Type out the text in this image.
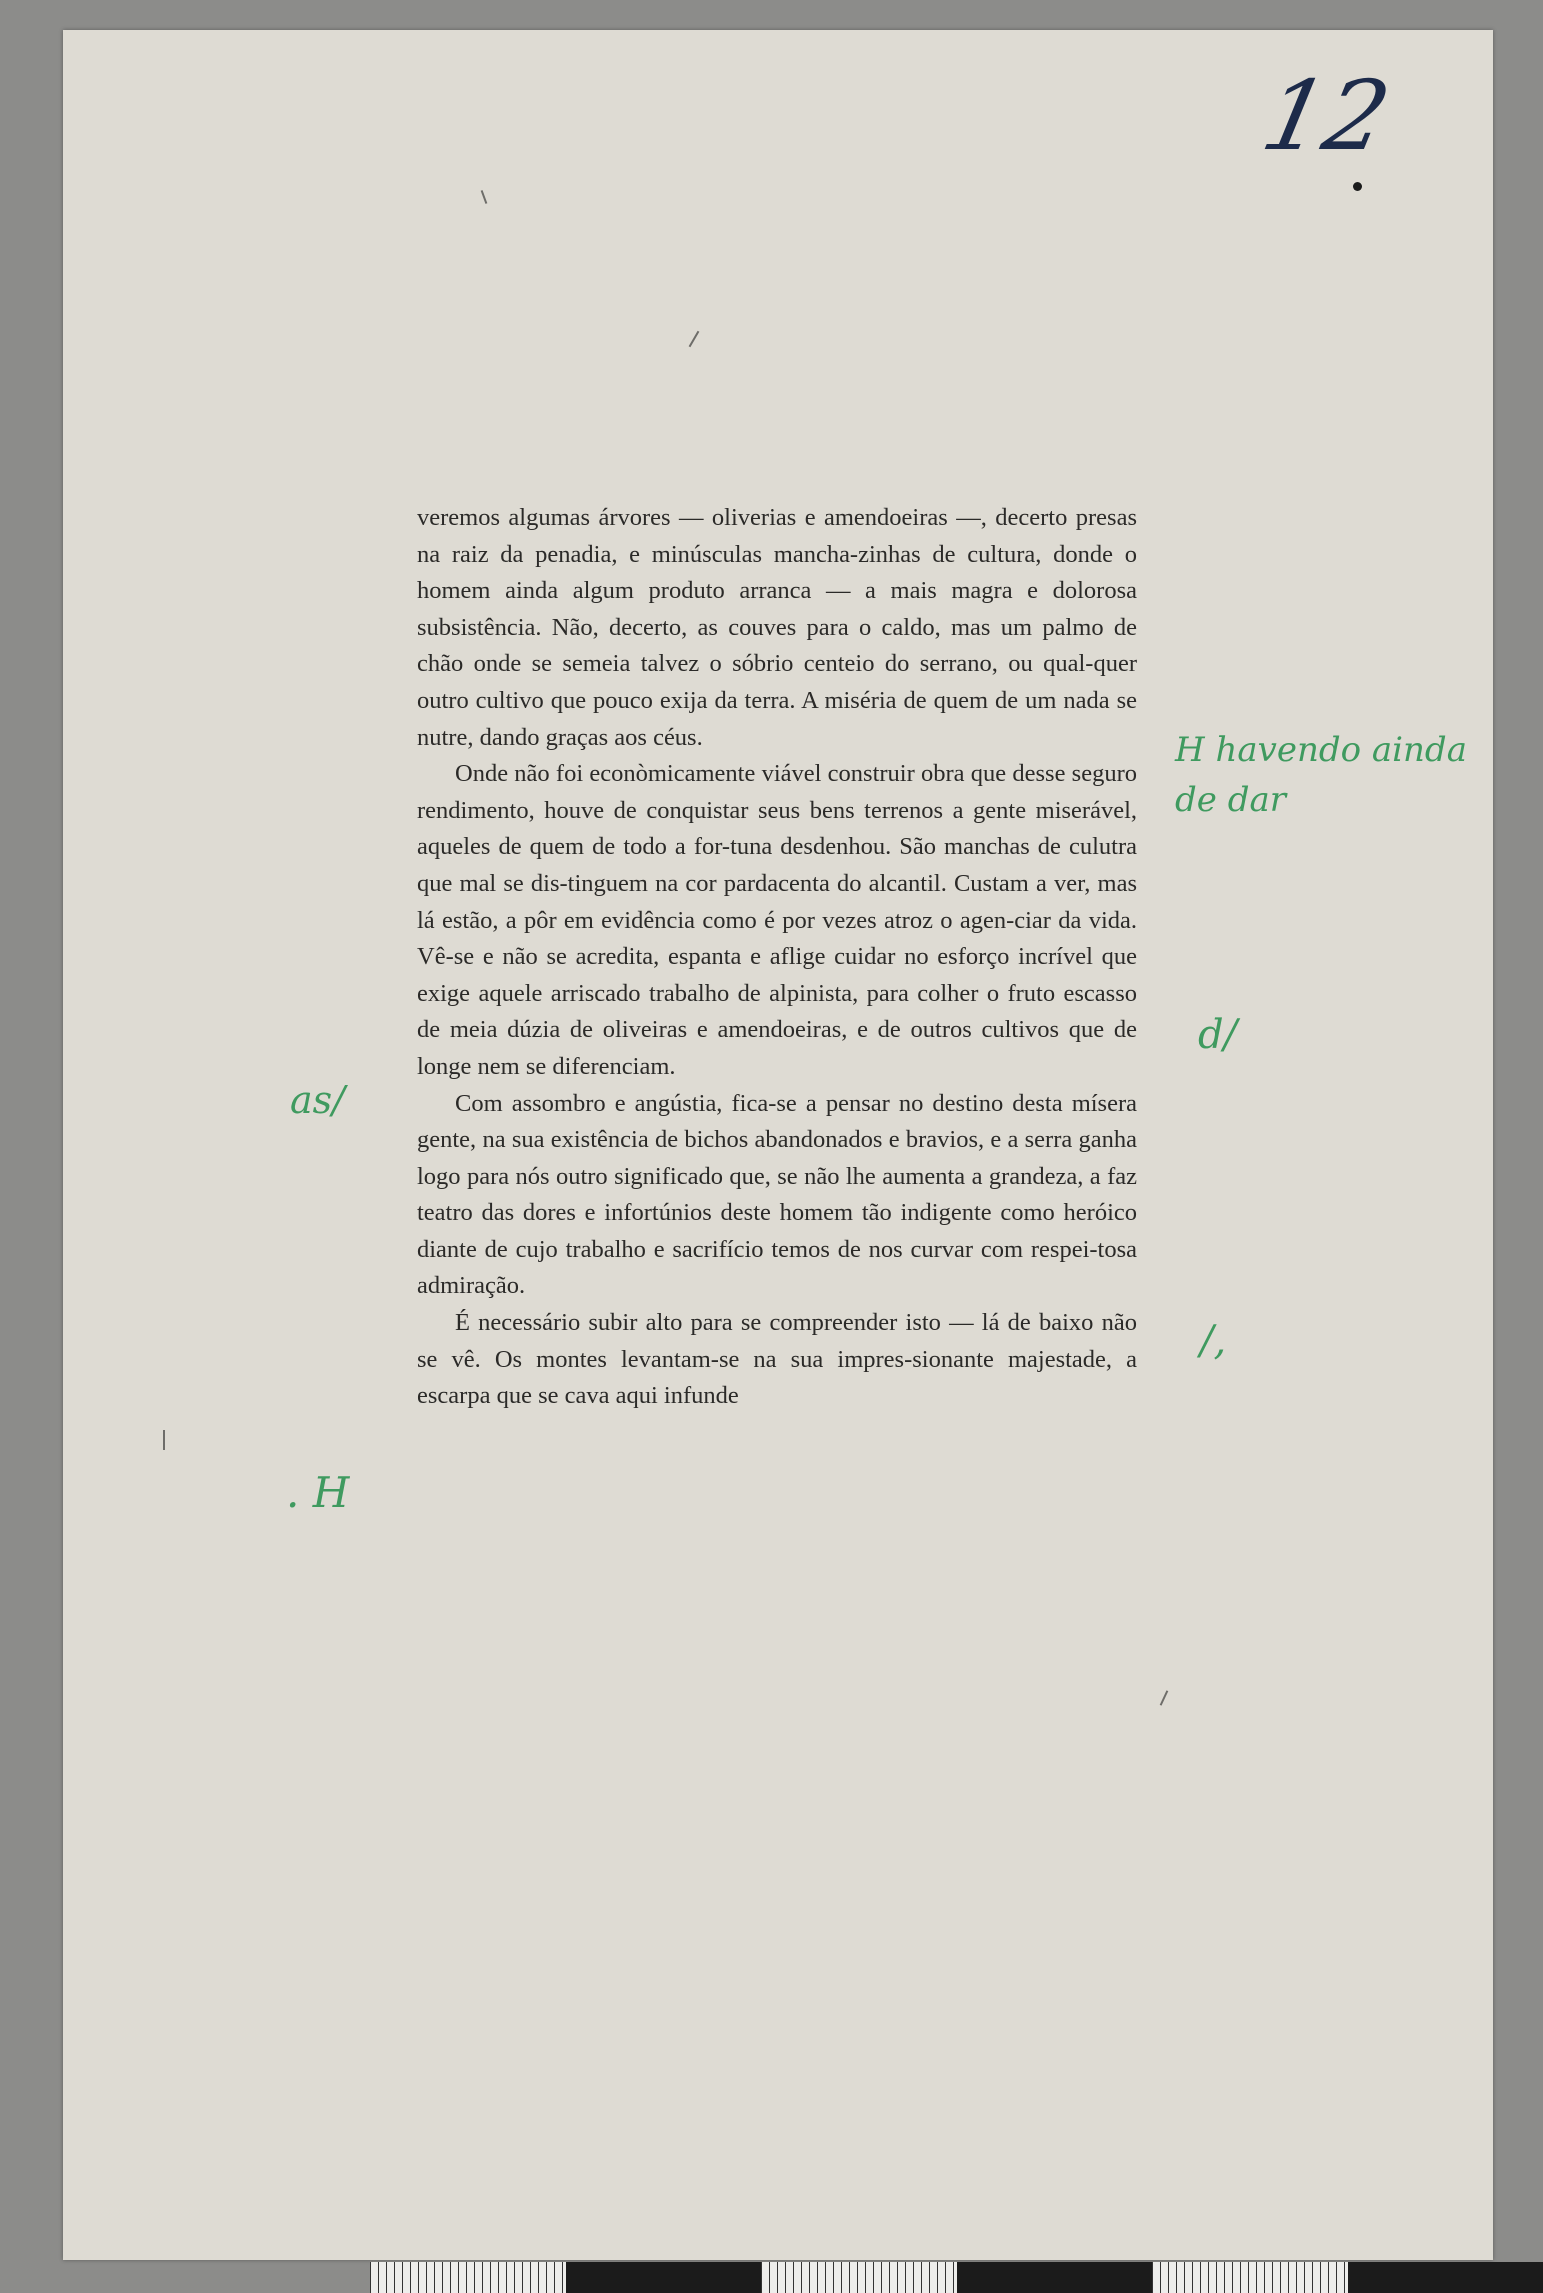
12

veremos algumas árvores — oliverias e amendoeiras —, decerto presas na raiz da penadia, e minúsculas mancha-zinhas de cultura, donde o homem ainda algum produto arranca — a mais magra e dolorosa subsistência. Não, decerto, as couves para o caldo, mas um palmo de chão onde se semeia talvez o sóbrio centeio do serrano, ou qual-quer outro cultivo que pouco exija da terra. A miséria de quem de um nada se nutre, dando graças aos céus.

Onde não foi econòmicamente viável construir obra que desse seguro rendimento, houve de conquistar seus bens terrenos a gente miserável, aqueles de quem de todo a for-tuna desdenhou. São manchas de culutra que mal se dis-tinguem na cor pardacenta do alcantil. Custam a ver, mas lá estão, a pôr em evidência como é por vezes atroz o agen-ciar da vida. Vê-se e não se acredita, espanta e aflige cuidar no esforço incrível que exige aquele arriscado trabalho de alpinista, para colher o fruto escasso de meia dúzia de oliveiras e amendoeiras, e de outros cultivos que de longe nem se diferenciam.

Com assombro e angústia, fica-se a pensar no destino desta mísera gente, na sua existência de bichos abandonados e bravios, e a serra ganha logo para nós outro significado que, se não lhe aumenta a grandeza, a faz teatro das dores e infortúnios deste homem tão indigente como heróico diante de cujo trabalho e sacrifício temos de nos curvar com respei-tosa admiração.

É necessário subir alto para se compreender isto — lá de baixo não se vê. Os montes levantam-se na sua impres-sionante majestade, a escarpa que se cava aqui infunde

H havendo ainda
de dar
d/
as/
/,
. H
